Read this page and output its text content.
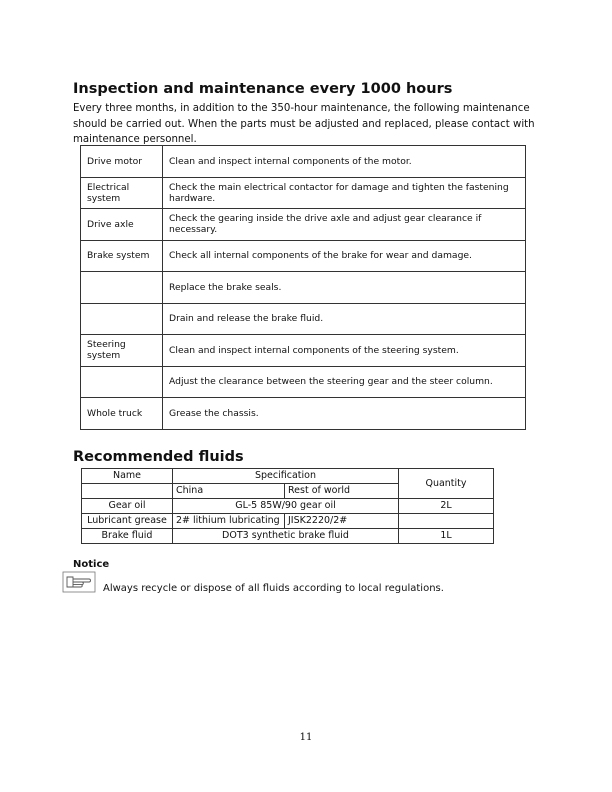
Inspection and maintenance every 1000 hours
Every three months, in addition to the 350-hour maintenance, the following maintenance should be carried out. When the parts must be adjusted and replaced, please contact with maintenance personnel.
Drive motor	Clean and inspect internal components of the motor.
Electrical system	Check the main electrical contactor for damage and tighten the fastening hardware.
Drive axle	Check the gearing inside the drive axle and adjust gear clearance if necessary.
Brake system	Check all internal components of the brake for wear and damage.
	Replace the brake seals.
	Drain and release the brake fluid.
Steering system	Clean and inspect internal components of the steering system.
	Adjust the clearance between the steering gear and the steer column.
Whole truck	Grease the chassis.
Recommended fluids
Name	Specification		Quantity
	China	Rest of world	
Gear oil	GL-5 85W/90 gear oil		2L
Lubricant grease	2# lithium lubricating	JISK2220/2#	
Brake fluid	DOT3 synthetic brake fluid		1L
Notice
Always recycle or dispose of all fluids according to local regulations.
11
